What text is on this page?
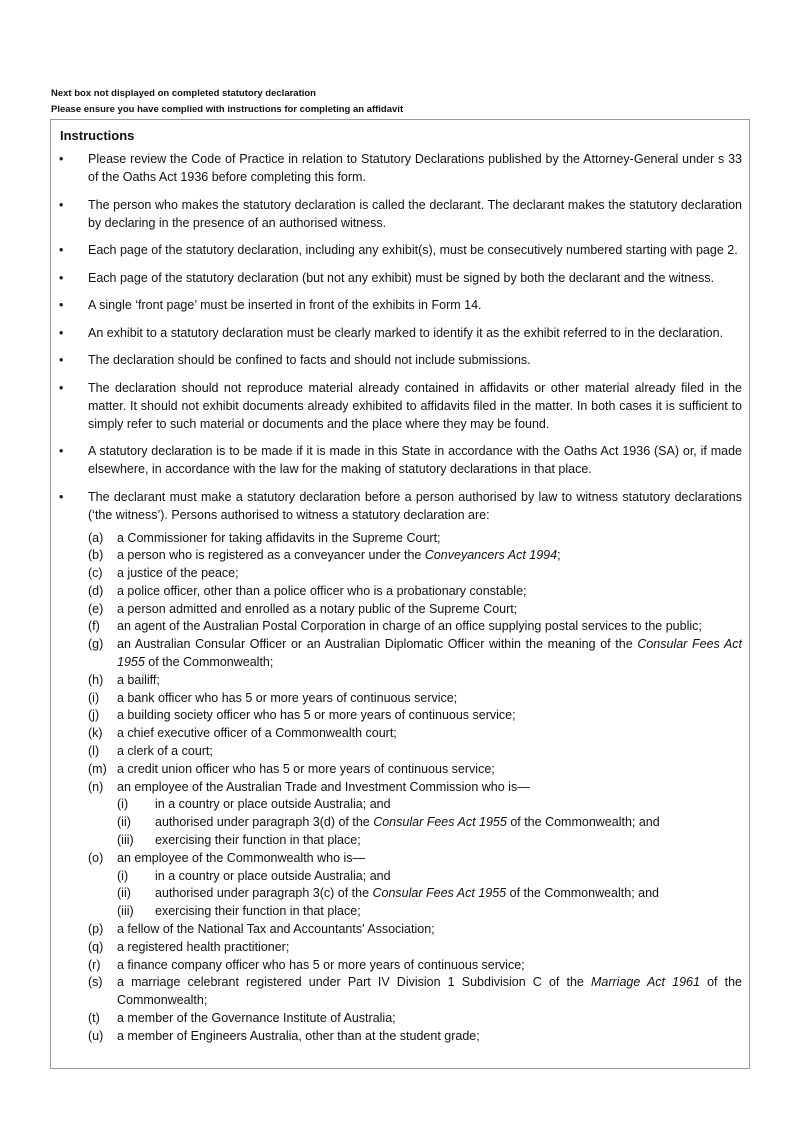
Next box not displayed on completed statutory declaration
Please ensure you have complied with instructions for completing an affidavit
Instructions
• Please review the Code of Practice in relation to Statutory Declarations published by the Attorney-General under s 33 of the Oaths Act 1936 before completing this form.
• The person who makes the statutory declaration is called the declarant. The declarant makes the statutory declaration by declaring in the presence of an authorised witness.
• Each page of the statutory declaration, including any exhibit(s), must be consecutively numbered starting with page 2.
• Each page of the statutory declaration (but not any exhibit) must be signed by both the declarant and the witness.
• A single ‘front page’ must be inserted in front of the exhibits in Form 14.
• An exhibit to a statutory declaration must be clearly marked to identify it as the exhibit referred to in the declaration.
• The declaration should be confined to facts and should not include submissions.
• The declaration should not reproduce material already contained in affidavits or other material already filed in the matter. It should not exhibit documents already exhibited to affidavits filed in the matter. In both cases it is sufficient to simply refer to such material or documents and the place where they may be found.
• A statutory declaration is to be made if it is made in this State in accordance with the Oaths Act 1936 (SA) or, if made elsewhere, in accordance with the law for the making of statutory declarations in that place.
• The declarant must make a statutory declaration before a person authorised by law to witness statutory declarations (‘the witness’). Persons authorised to witness a statutory declaration are:
(a) a Commissioner for taking affidavits in the Supreme Court;
(b) a person who is registered as a conveyancer under the Conveyancers Act 1994;
(c) a justice of the peace;
(d) a police officer, other than a police officer who is a probationary constable;
(e) a person admitted and enrolled as a notary public of the Supreme Court;
(f) an agent of the Australian Postal Corporation in charge of an office supplying postal services to the public;
(g) an Australian Consular Officer or an Australian Diplomatic Officer within the meaning of the Consular Fees Act 1955 of the Commonwealth;
(h) a bailiff;
(i) a bank officer who has 5 or more years of continuous service;
(j) a building society officer who has 5 or more years of continuous service;
(k) a chief executive officer of a Commonwealth court;
(l) a clerk of a court;
(m) a credit union officer who has 5 or more years of continuous service;
(n) an employee of the Australian Trade and Investment Commission who is—
(i) in a country or place outside Australia; and
(ii) authorised under paragraph 3(d) of the Consular Fees Act 1955 of the Commonwealth; and
(iii) exercising their function in that place;
(o) an employee of the Commonwealth who is—
(i) in a country or place outside Australia; and
(ii) authorised under paragraph 3(c) of the Consular Fees Act 1955 of the Commonwealth; and
(iii) exercising their function in that place;
(p) a fellow of the National Tax and Accountants' Association;
(q) a registered health practitioner;
(r) a finance company officer who has 5 or more years of continuous service;
(s) a marriage celebrant registered under Part IV Division 1 Subdivision C of the Marriage Act 1961 of the Commonwealth;
(t) a member of the Governance Institute of Australia;
(u) a member of Engineers Australia, other than at the student grade;
